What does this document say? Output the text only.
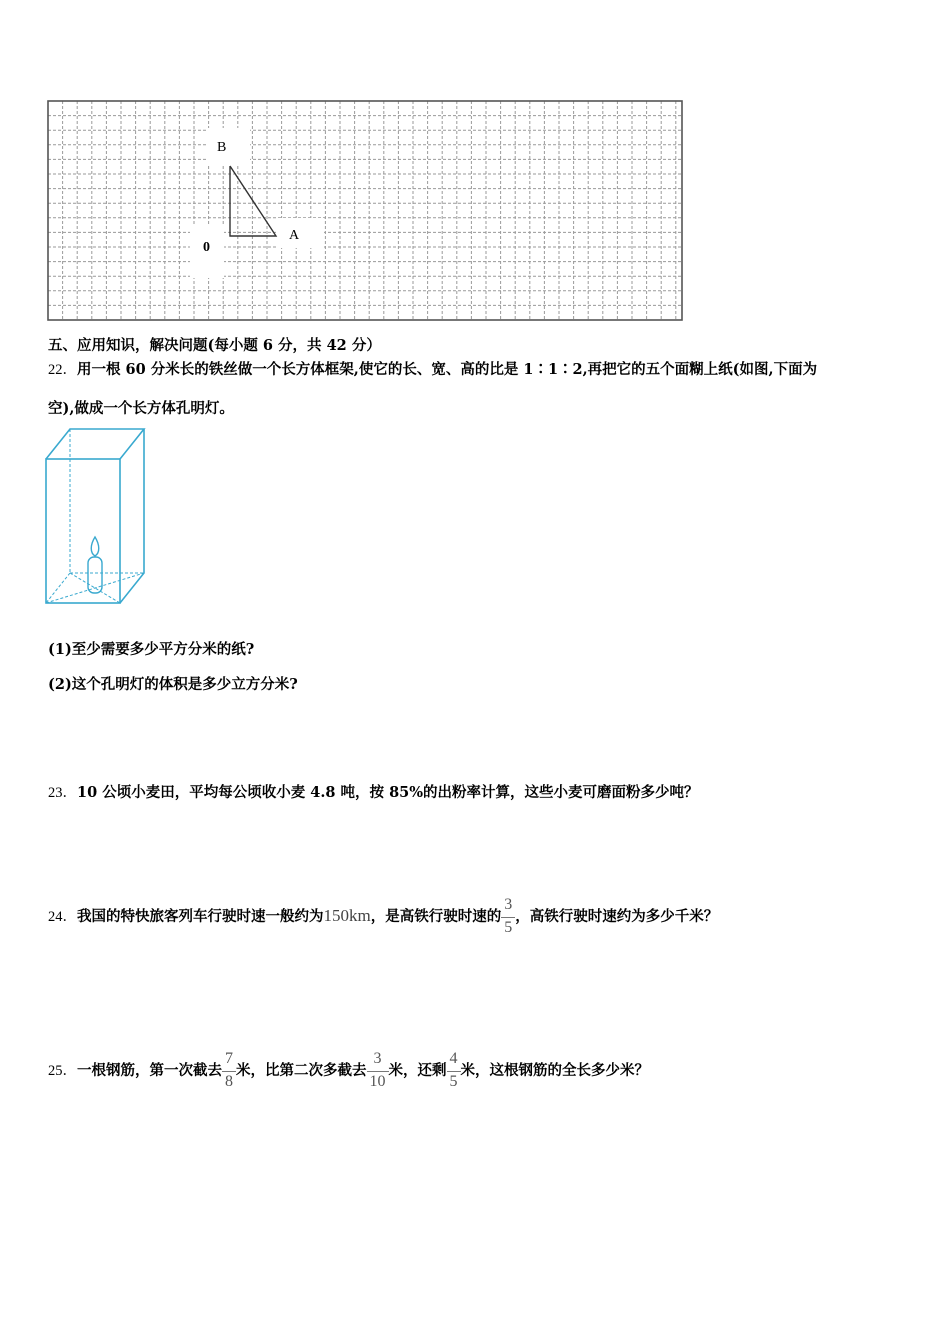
B
A
0
五、应用知识，解决问题(每小题 6 分，共 42 分）
22．用一根 60 分米长的铁丝做一个长方体框架,使它的长、宽、高的比是 1∶1∶2,再把它的五个面糊上纸(如图,下面为
空),做成一个长方体孔明灯。
(1)至少需要多少平方分米的纸?
(2)这个孔明灯的体积是多少立方分米?
23．10 公顷小麦田，平均每公顷收小麦 4.8 吨，按 85%的出粉率计算，这些小麦可磨面粉多少吨？
24．我国的特快旅客列车行驶时速一般约为150km，是高铁行驶时速的 $\frac{3}{5}$ ，高铁行驶时速约为多少千米？
25．一根钢筋，第一次截去 $\frac{7}{8}$ 米，比第二次多截去 $\frac{3}{10}$ 米，还剩 $\frac{4}{5}$ 米，这根钢筋的全长多少米？
